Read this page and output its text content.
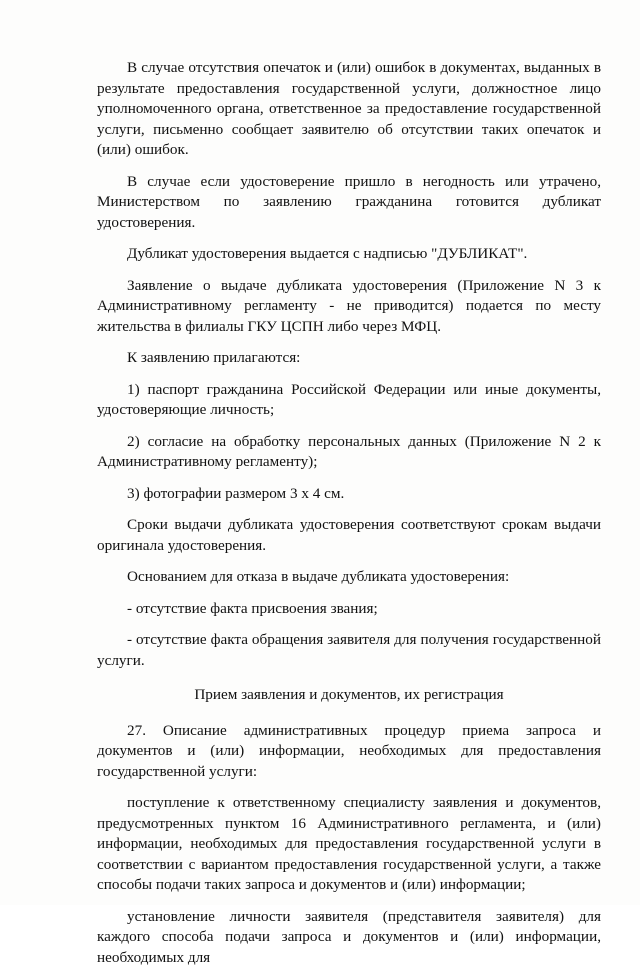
В случае отсутствия опечаток и (или) ошибок в документах, выданных в результате предоставления государственной услуги, должностное лицо уполномоченного органа, ответственное за предоставление государственной услуги, письменно сообщает заявителю об отсутствии таких опечаток и (или) ошибок.

В случае если удостоверение пришло в негодность или утрачено, Министерством по заявлению гражданина готовится дубликат удостоверения.

Дубликат удостоверения выдается с надписью "ДУБЛИКАТ".

Заявление о выдаче дубликата удостоверения (Приложение N 3 к Административному регламенту - не приводится) подается по месту жительства в филиалы ГКУ ЦСПН либо через МФЦ.

К заявлению прилагаются:

1) паспорт гражданина Российской Федерации или иные документы, удостоверяющие личность;

2) согласие на обработку персональных данных (Приложение N 2 к Административному регламенту);

3) фотографии размером 3 х 4 см.

Сроки выдачи дубликата удостоверения соответствуют срокам выдачи оригинала удостоверения.

Основанием для отказа в выдаче дубликата удостоверения:

- отсутствие факта присвоения звания;

- отсутствие факта обращения заявителя для получения государственной услуги.

Прием заявления и документов, их регистрация

27. Описание административных процедур приема запроса и документов и (или) информации, необходимых для предоставления государственной услуги:

поступление к ответственному специалисту заявления и документов, предусмотренных пунктом 16 Административного регламента, и (или) информации, необходимых для предоставления государственной услуги в соответствии с вариантом предоставления государственной услуги, а также способы подачи таких запроса и документов и (или) информации;

установление личности заявителя (представителя заявителя) для каждого способа подачи запроса и документов и (или) информации, необходимых для
